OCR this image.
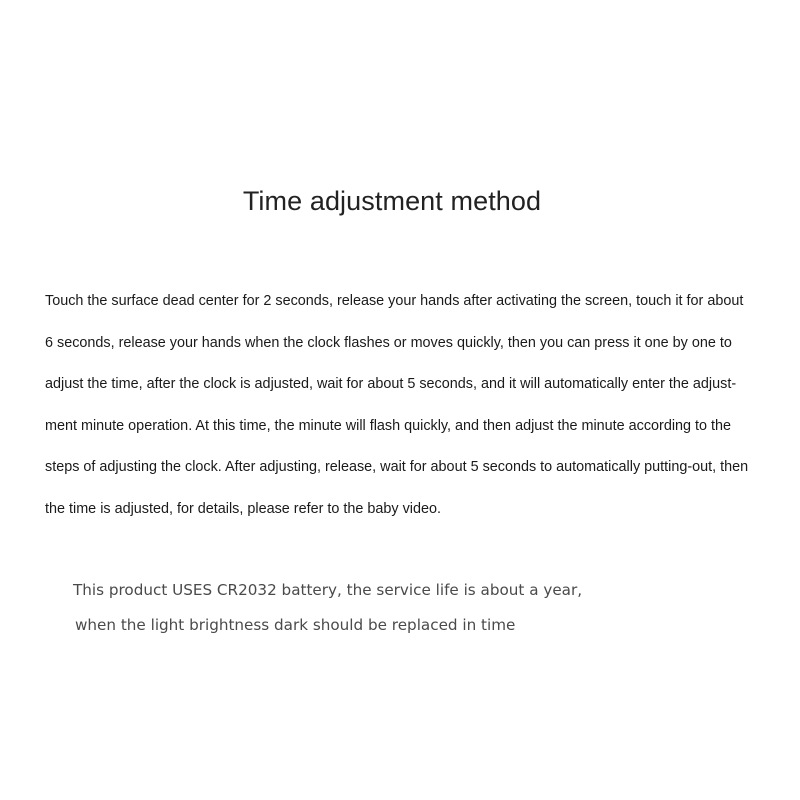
Time adjustment method
Touch the surface dead center for 2 seconds, release your hands after activating the screen, touch it for about
6 seconds, release your hands when the clock flashes or moves quickly, then you can press it one by one to
adjust the time, after the clock is adjusted, wait for about 5 seconds, and it will automatically enter the adjust-
ment minute operation. At this time, the minute will flash quickly, and then adjust the minute according to the
steps of adjusting the clock. After adjusting, release, wait for about 5 seconds to automatically putting-out, then
the time is adjusted, for details, please refer to the baby video.
This product USES CR2032 battery, the service life is about a year,
when the light brightness dark should be replaced in time
